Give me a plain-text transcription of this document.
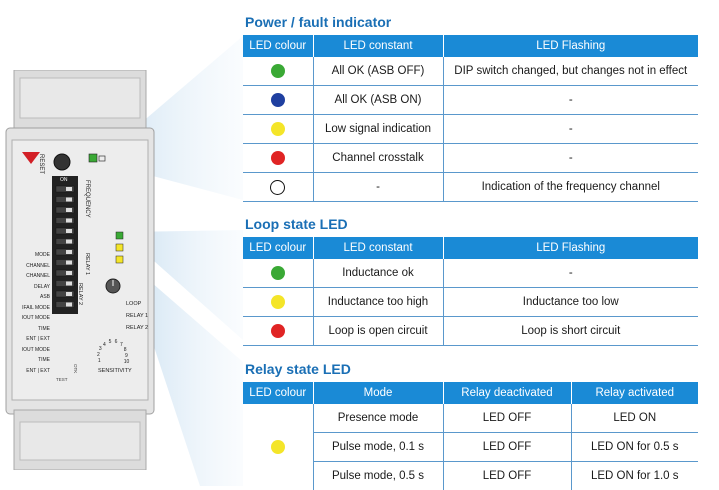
RESET
FREQUENCY
ON
MODE
CHANNEL
CHANNEL
DELAY
ASB
IFAIL MODE
IOUT MODE
TIME
ENT | EXT
IOUT MODE
TIME
ENT | EXT
RELAY 1
RELAY 2	LOOP
RELAY 1
RELAY 2
SENSITIVITY
1
2
3
4 5 6 7
8
9
10
TEST
OTK
Power / fault indicator
LED colour	LED constant	LED Flashing
	All OK (ASB OFF)	DIP switch changed, but changes not in effect
	All OK (ASB ON)	-
	Low signal indication	-
	Channel crosstalk	-
	-	Indication of the frequency channel
Loop state LED
LED colour	LED constant	LED Flashing
	Inductance ok	-
	Inductance too high	Inductance too low
	Loop is open circuit	Loop is short circuit
Relay state LED
LED colour	Mode	Relay deactivated	Relay activated
	Presence mode	LED OFF	LED ON
	Pulse mode, 0.1 s	LED OFF	LED ON for 0.5 s
	Pulse mode, 0.5 s	LED OFF	LED ON for 1.0 s
